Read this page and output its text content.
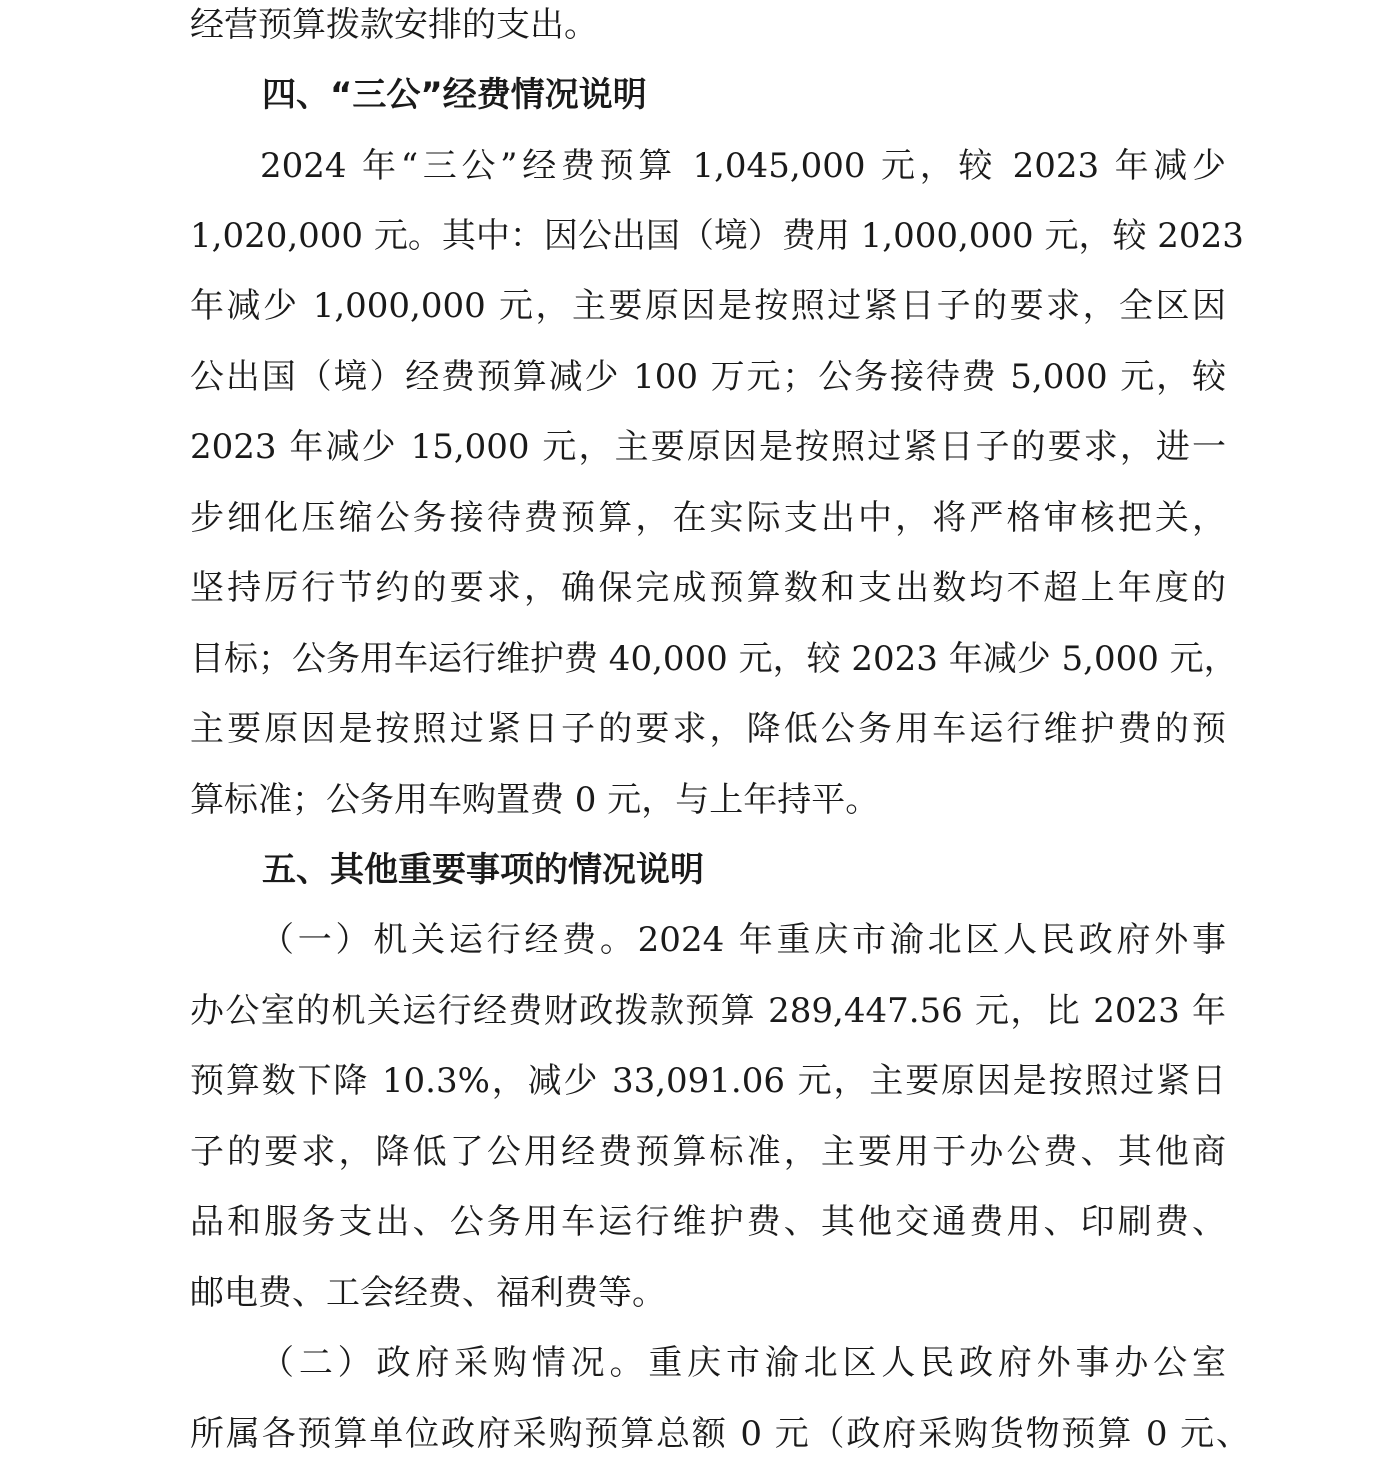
经营预算拨款安排的支出。
四、“三公”经费情况说明
2024 年“三公”经费预算 1,045,000 元，较 2023 年减少
1,020,000 元。其中：因公出国（境）费用 1,000,000 元，较 2023
年减少 1,000,000 元，主要原因是按照过紧日子的要求，全区因
公出国（境）经费预算减少 100 万元；公务接待费 5,000 元，较
2023 年减少 15,000 元，主要原因是按照过紧日子的要求，进一
步细化压缩公务接待费预算，在实际支出中，将严格审核把关，
坚持厉行节约的要求，确保完成预算数和支出数均不超上年度的
目标；公务用车运行维护费 40,000 元，较 2023 年减少 5,000 元，
主要原因是按照过紧日子的要求，降低公务用车运行维护费的预
算标准；公务用车购置费 0 元，与上年持平。
五、其他重要事项的情况说明
（一）机关运行经费。2024 年重庆市渝北区人民政府外事
办公室的机关运行经费财政拨款预算 289,447.56 元，比 2023 年
预算数下降 10.3%，减少 33,091.06 元，主要原因是按照过紧日
子的要求，降低了公用经费预算标准，主要用于办公费、其他商
品和服务支出、公务用车运行维护费、其他交通费用、印刷费、
邮电费、工会经费、福利费等。
（二）政府采购情况。重庆市渝北区人民政府外事办公室
所属各预算单位政府采购预算总额 0 元（政府采购货物预算 0 元、
